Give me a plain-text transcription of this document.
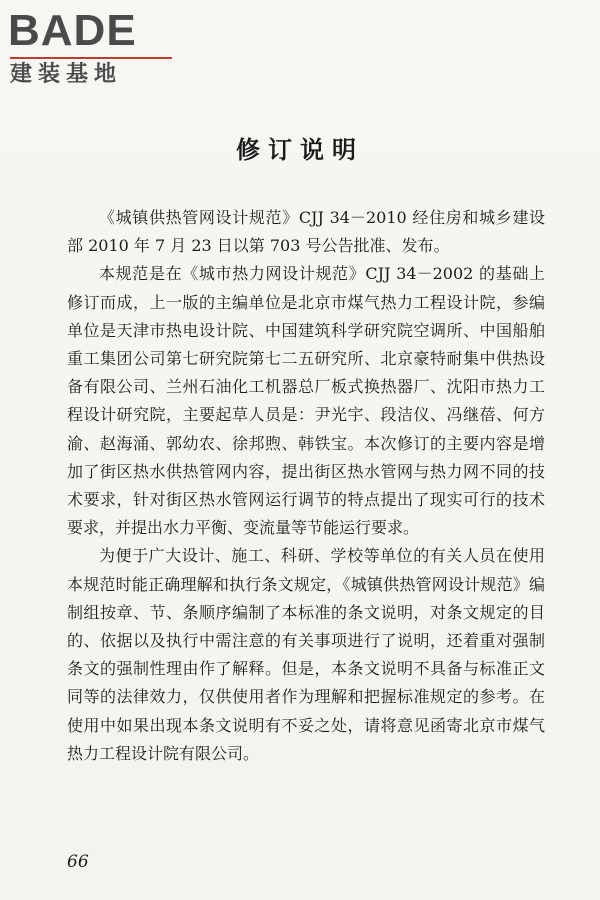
BADE
建装基地
修订说明

《城镇供热管网设计规范》CJJ 34－2010 经住房和城乡建设部 2010 年 7 月 23 日以第 703 号公告批准、发布。

本规范是在《城市热力网设计规范》CJJ 34－2002 的基础上修订而成，上一版的主编单位是北京市煤气热力工程设计院，参编单位是天津市热电设计院、中国建筑科学研究院空调所、中国船舶重工集团公司第七研究院第七二五研究所、北京豪特耐集中供热设备有限公司、兰州石油化工机器总厂板式换热器厂、沈阳市热力工程设计研究院，主要起草人员是：尹光宇、段洁仪、冯继蓓、何方渝、赵海涌、郭幼农、徐邦煦、韩铁宝。本次修订的主要内容是增加了街区热水供热管网内容，提出街区热水管网与热力网不同的技术要求，针对街区热水管网运行调节的特点提出了现实可行的技术要求，并提出水力平衡、变流量等节能运行要求。

为便于广大设计、施工、科研、学校等单位的有关人员在使用本规范时能正确理解和执行条文规定，《城镇供热管网设计规范》编制组按章、节、条顺序编制了本标准的条文说明，对条文规定的目的、依据以及执行中需注意的有关事项进行了说明，还着重对强制条文的强制性理由作了解释。但是，本条文说明不具备与标准正文同等的法律效力，仅供使用者作为理解和把握标准规定的参考。在使用中如果出现本条文说明有不妥之处，请将意见函寄北京市煤气热力工程设计院有限公司。

66
